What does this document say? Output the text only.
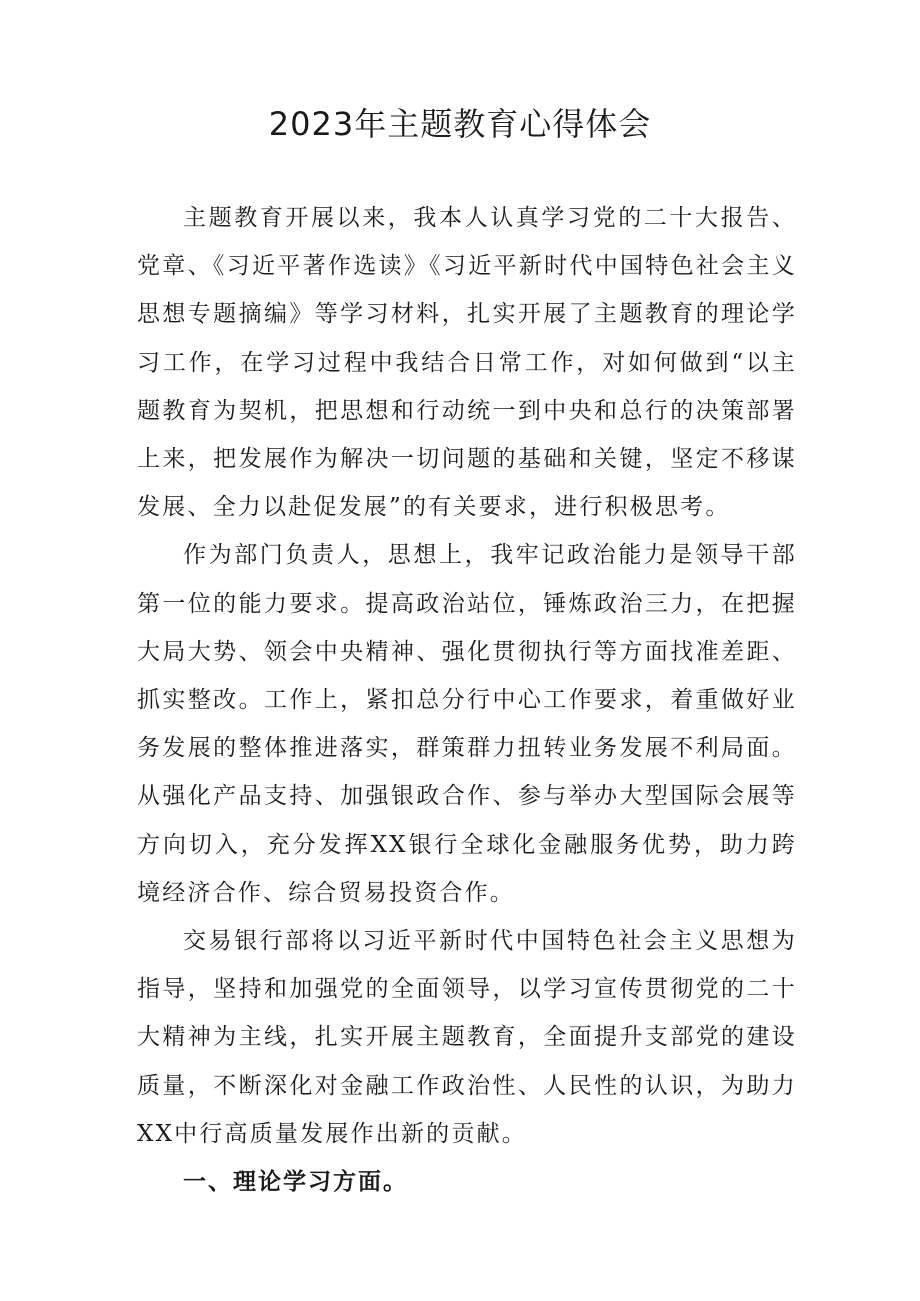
2023年主题教育心得体会

主题教育开展以来，我本人认真学习党的二十大报告、党章、《习近平著作选读》《习近平新时代中国特色社会主义思想专题摘编》等学习材料，扎实开展了主题教育的理论学习工作，在学习过程中我结合日常工作，对如何做到“以主题教育为契机，把思想和行动统一到中央和总行的决策部署上来，把发展作为解决一切问题的基础和关键，坚定不移谋发展、全力以赴促发展”的有关要求，进行积极思考。

作为部门负责人，思想上，我牢记政治能力是领导干部第一位的能力要求。提高政治站位，锤炼政治三力，在把握大局大势、领会中央精神、强化贯彻执行等方面找准差距、抓实整改。工作上，紧扣总分行中心工作要求，着重做好业务发展的整体推进落实，群策群力扭转业务发展不利局面。从强化产品支持、加强银政合作、参与举办大型国际会展等方向切入，充分发挥XX银行全球化金融服务优势，助力跨境经济合作、综合贸易投资合作。

交易银行部将以习近平新时代中国特色社会主义思想为指导，坚持和加强党的全面领导，以学习宣传贯彻党的二十大精神为主线，扎实开展主题教育，全面提升支部党的建设质量，不断深化对金融工作政治性、人民性的认识，为助力XX中行高质量发展作出新的贡献。

一、理论学习方面。
